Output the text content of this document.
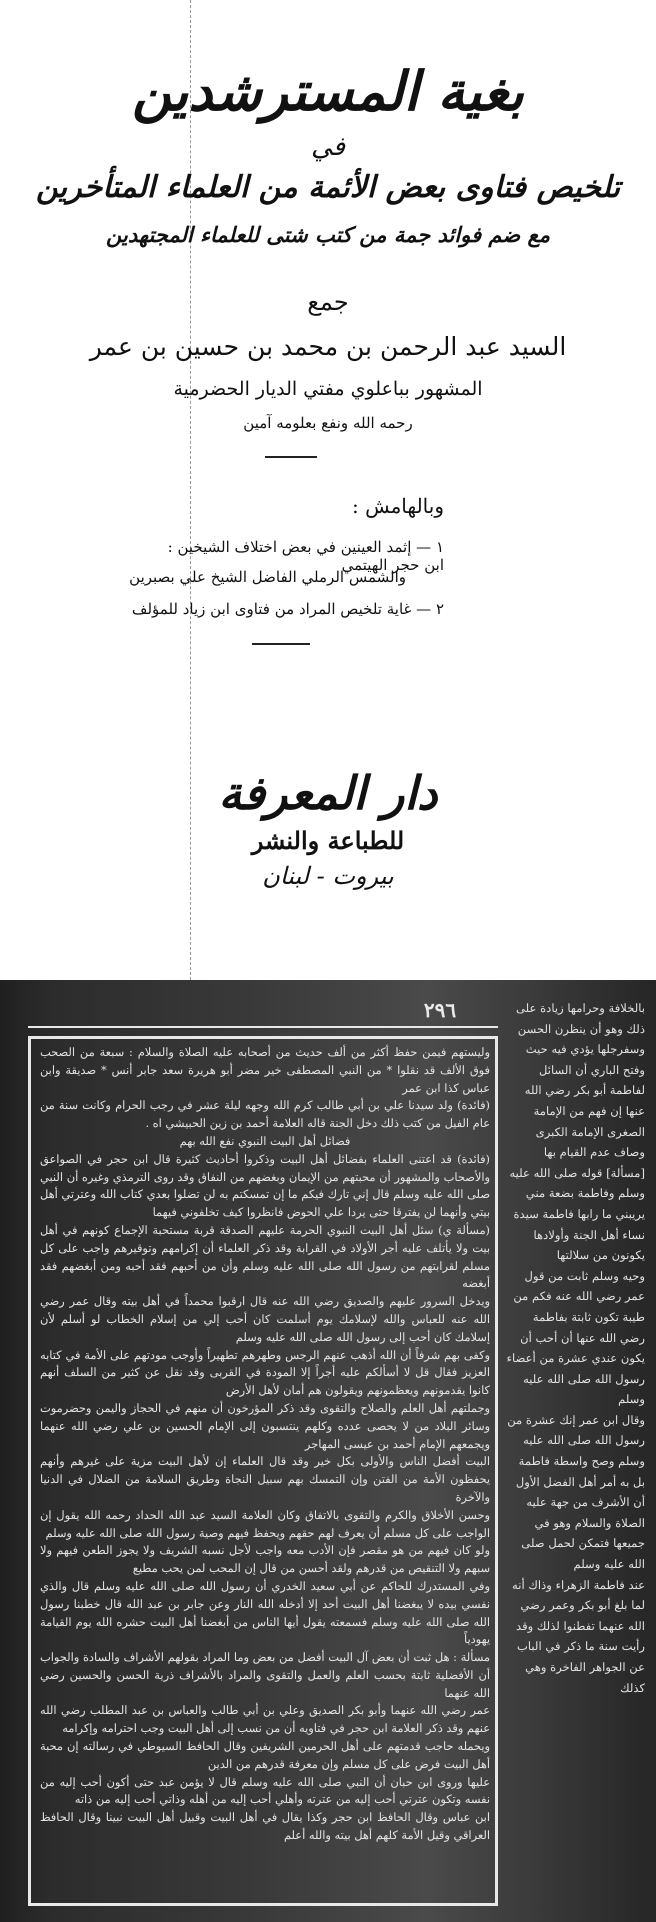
بغية المسترشدين
في
تلخيص فتاوى بعض الأئمة من العلماء المتأخرين
مع ضم فوائد جمة من كتب شتى للعلماء المجتهدين
جمع
السيد عبد الرحمن بن محمد بن حسين بن عمر
المشهور بباعلوي مفتي الديار الحضرمية
رحمه الله ونفع بعلومه آمين
وبالهامش :
١ — إثمد العينين في بعض اختلاف الشيخين : ابن حجر الهيتمي
والشمس الرملي الفاضل الشيخ علي بصبرين
٢ — غاية تلخيص المراد من فتاوى ابن زياد للمؤلف
دار المعرفة
للطباعة والنشر
بيروت - لبنان
٢٩٦

وليستهم فيمن حفظ أكثر من ألف حديث من أصحابه عليه الصلاة والسلام : سبعة من الصحب فوق الألف قد نقلوا * من النبي المصطفى خير مضر أبو هريرة سعد جابر أنس * صديقة وابن عباس كذا ابن عمر

(فائدة) ولد سيدنا علي بن أبي طالب كرم الله وجهه ليلة عشر في رجب الحرام وكانت سنة من عام الفيل من كتب ذلك دخل الجنة قاله العلامة أحمد بن زين الحبيشي اه .

فضائل أهل البيت النبوي نفع الله بهم

(فائدة) قد اعتنى العلماء بفضائل أهل البيت وذكروا أحاديث كثيرة قال ابن حجر في الصواعق والأصحاب والمشهور أن محبتهم من الإيمان وبغضهم من النفاق وقد روى الترمذي وغيره أن النبي صلى الله عليه وسلم قال إني تارك فيكم ما إن تمسكتم به لن تضلوا بعدي كتاب الله وعترتي أهل بيتي وأنهما لن يفترقا حتى يردا علي الحوض فانظروا كيف تخلفوني فيهما

(مسألة ي) سئل أهل البيت النبوي الحرمة عليهم الصدقة قربة مستحبة الإجماع كونهم في أهل بيت ولا يأتلف عليه أجر الأولاد في القرابة وقد ذكر العلماء أن إكرامهم وتوقيرهم واجب على كل مسلم لقرابتهم من رسول الله صلى الله عليه وسلم وأن من أحبهم فقد أحبه ومن أبغضهم فقد أبغضه

ويدخل السرور عليهم والصديق رضي الله عنه قال ارقبوا محمداً في أهل بيته وقال عمر رضي الله عنه للعباس والله لإسلامك يوم أسلمت كان أحب إلي من إسلام الخطاب لو أسلم لأن إسلامك كان أحب إلى رسول الله صلى الله عليه وسلم

وكفى بهم شرفاً أن الله أذهب عنهم الرجس وطهرهم تطهيراً وأوجب مودتهم على الأمة في كتابه العزيز فقال قل لا أسألكم عليه أجراً إلا المودة في القربى وقد نقل عن كثير من السلف أنهم كانوا يقدمونهم ويعظمونهم ويقولون هم أمان لأهل الأرض

وجملتهم أهل العلم والصلاح والتقوى وقد ذكر المؤرخون أن منهم في الحجاز واليمن وحضرموت وسائر البلاد من لا يحصى عدده وكلهم ينتسبون إلى الإمام الحسين بن علي رضي الله عنهما ويجمعهم الإمام أحمد بن عيسى المهاجر

البيت أفضل الناس والأولى بكل خير وقد قال العلماء إن لأهل البيت مزية على غيرهم وأنهم يحفظون الأمة من الفتن وإن التمسك بهم سبيل النجاة وطريق السلامة من الضلال في الدنيا والآخرة

وحسن الأخلاق والكرم والتقوى بالاتفاق وكان العلامة السيد عبد الله الحداد رحمه الله يقول إن الواجب على كل مسلم أن يعرف لهم حقهم ويحفظ فيهم وصية رسول الله صلى الله عليه وسلم

ولو كان فيهم من هو مقصر فإن الأدب معه واجب لأجل نسبه الشريف ولا يجوز الطعن فيهم ولا سبهم ولا التنقيص من قدرهم ولقد أحسن من قال إن المحب لمن يحب مطيع

وفي المستدرك للحاكم عن أبي سعيد الخدري أن رسول الله صلى الله عليه وسلم قال والذي نفسي بيده لا يبغضنا أهل البيت أحد إلا أدخله الله النار وعن جابر بن عبد الله قال خطبنا رسول الله صلى الله عليه وسلم فسمعته يقول أيها الناس من أبغضنا أهل البيت حشره الله يوم القيامة يهودياً

مسألة : هل ثبت أن بعض آل البيت أفضل من بعض وما المراد بقولهم الأشراف والسادة والجواب أن الأفضلية ثابتة بحسب العلم والعمل والتقوى والمراد بالأشراف ذرية الحسن والحسين رضي الله عنهما

عمر رضي الله عنهما وأبو بكر الصديق وعلي بن أبي طالب والعباس بن عبد المطلب رضي الله عنهم وقد ذكر العلامة ابن حجر في فتاويه أن من نسب إلى أهل البيت وجب احترامه وإكرامه

ويحمله حاجب قدمتهم على أهل الحرمين الشريفين وقال الحافظ السيوطي في رسالته إن محبة أهل البيت فرض على كل مسلم وإن معرفة قدرهم من الدين

عليها وروى ابن حبان أن النبي صلى الله عليه وسلم قال لا يؤمن عبد حتى أكون أحب إليه من نفسه وتكون عترتي أحب إليه من عترته وأهلي أحب إليه من أهله وذاتي أحب إليه من ذاته

ابن عباس وقال الحافظ ابن حجر وكذا يقال في أهل البيت وقبيل أهل البيت نبينا وقال الحافظ العراقي وقيل الأمة كلهم أهل بيته والله أعلم

بالخلافة وحرامها زيادة على ذلك وهو أن ينظرن الحسن وسفرجلها يؤدي فيه حيث وفتح الباري أن السائل لفاطمة أبو بكر رضي الله عنها إن فهم من الإمامة الصغرى الإمامة الكبرى وصاف عدم القيام بها

[مسألة] قوله صلى الله عليه وسلم وفاطمة بضعة مني يريبني ما رابها فاطمة سيدة نساء أهل الجنة وأولادها يكونون من سلالتها

وحيه وسلم ثابت من قول عمر رضي الله عنه فكم من طيبة تكون ثابتة بفاطمة رضي الله عنها أن أحب أن يكون عندي عشرة من أعضاء رسول الله صلى الله عليه وسلم

وقال ابن عمر إنك عشرة من رسول الله صلى الله عليه وسلم وصح واسطة فاطمة بل به أمر أهل الفضل الأول أن الأشرف من جهة عليه الصلاة والسلام وهو في جميعها فتمكن لحمل صلى الله عليه وسلم

عند فاطمة الزهراء وذاك أنه لما بلغ أبو بكر وعمر رضي الله عنهما تفطنوا لذلك وقد رأيت سنة ما ذكر في الباب عن الجواهر الفاخرة وهي كذلك
